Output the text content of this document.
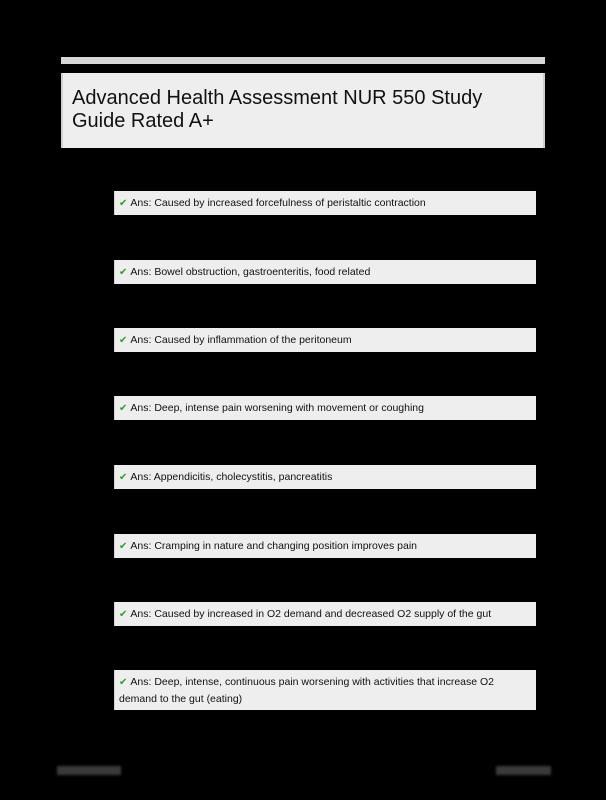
Advanced Health Assessment NUR 550 Study Guide Rated A+
✔ Ans: Caused by increased forcefulness of peristaltic contraction
✔ Ans: Bowel obstruction, gastroenteritis, food related
✔ Ans: Caused by inflammation of the peritoneum
✔ Ans: Deep, intense pain worsening with movement or coughing
✔ Ans: Appendicitis, cholecystitis, pancreatitis
✔ Ans: Cramping in nature and changing position improves pain
✔ Ans: Caused by increased in O2 demand and decreased O2 supply of the gut
✔ Ans: Deep, intense, continuous pain worsening with activities that increase O2 demand to the gut (eating)
